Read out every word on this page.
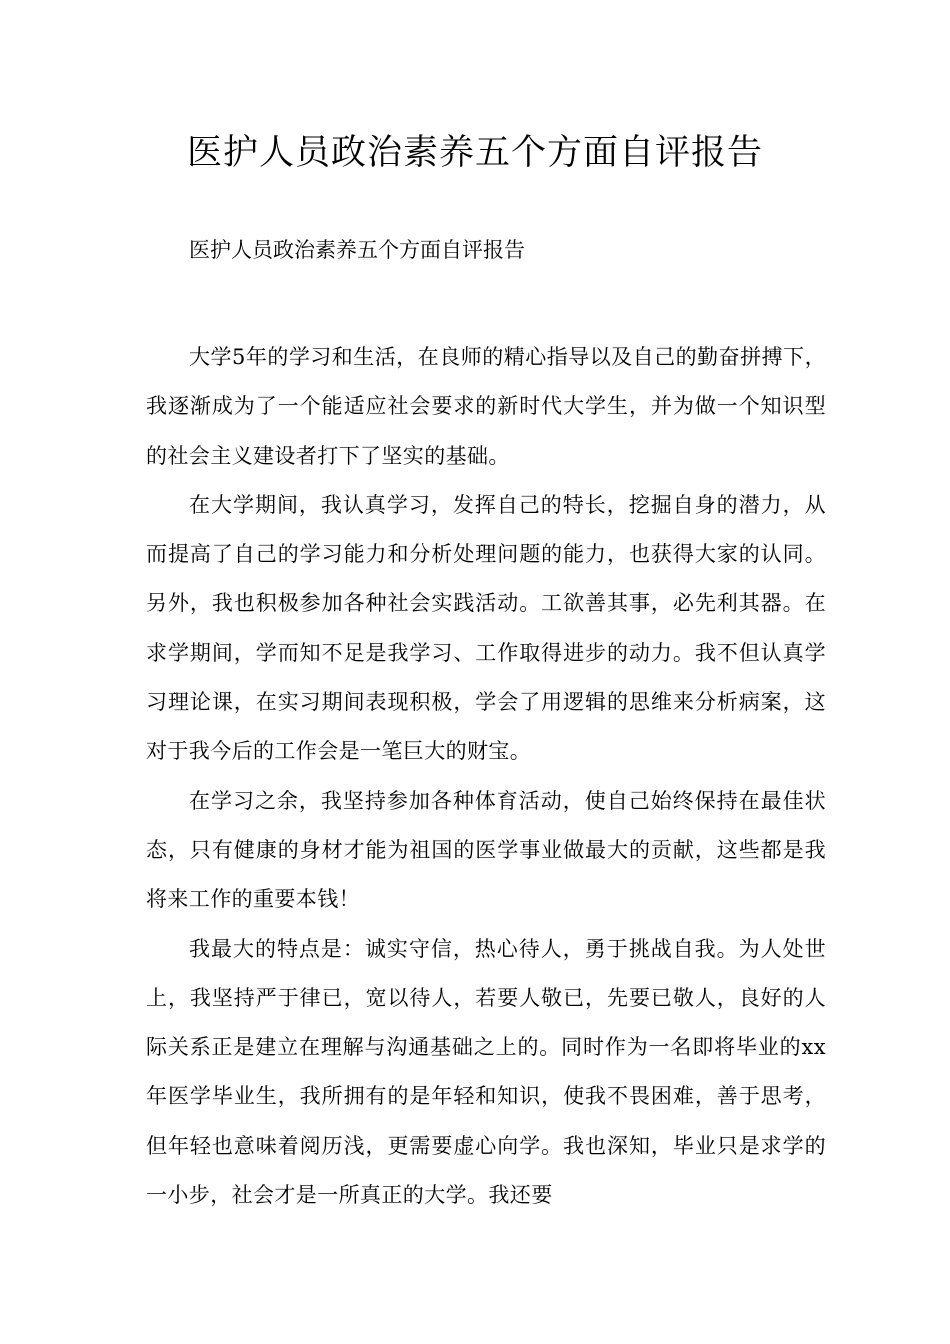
医护人员政治素养五个方面自评报告
医护人员政治素养五个方面自评报告

大学5年的学习和生活，在良师的精心指导以及自己的勤奋拼搏下，我逐渐成为了一个能适应社会要求的新时代大学生，并为做一个知识型的社会主义建设者打下了坚实的基础。

在大学期间，我认真学习，发挥自己的特长，挖掘自身的潜力，从而提高了自己的学习能力和分析处理问题的能力，也获得大家的认同。另外，我也积极参加各种社会实践活动。工欲善其事，必先利其器。在求学期间，学而知不足是我学习、工作取得进步的动力。我不但认真学习理论课，在实习期间表现积极，学会了用逻辑的思维来分析病案，这对于我今后的工作会是一笔巨大的财宝。

在学习之余，我坚持参加各种体育活动，使自己始终保持在最佳状态，只有健康的身材才能为祖国的医学事业做最大的贡献，这些都是我将来工作的重要本钱！

我最大的特点是：诚实守信，热心待人，勇于挑战自我。为人处世上，我坚持严于律已，宽以待人，若要人敬已，先要已敬人，良好的人际关系正是建立在理解与沟通基础之上的。同时作为一名即将毕业的xx年医学毕业生，我所拥有的是年轻和知识，使我不畏困难，善于思考，但年轻也意味着阅历浅，更需要虚心向学。我也深知，毕业只是求学的一小步，社会才是一所真正的大学。我还要
